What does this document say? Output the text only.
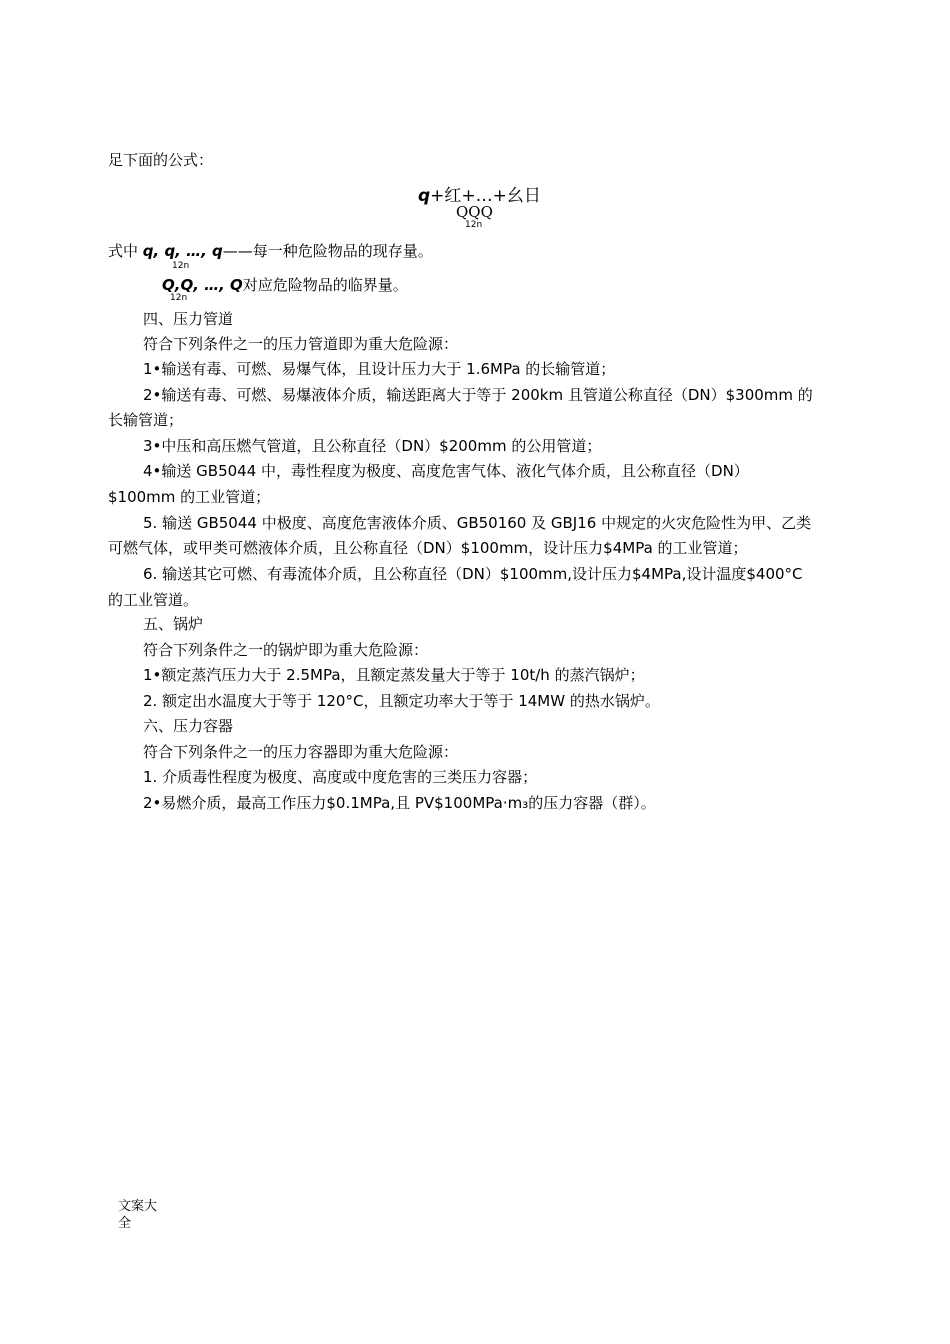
足下面的公式：
q+红+…+幺日
QQQ
12n
式中 q, q, …, q——每一种危险物品的现存量。
12n
Q,Q, …, Q对应危险物品的临界量。
12n
四、压力管道
符合下列条件之一的压力管道即为重大危险源：
1•输送有毒、可燃、易爆气体，且设计压力大于 1.6MPa 的长输管道；
2•输送有毒、可燃、易爆液体介质，输送距离大于等于 200km 且管道公称直径（DN）$300mm 的
长输管道；
3•中压和高压燃气管道，且公称直径（DN）$200mm 的公用管道；
4•输送 GB5044 中，毒性程度为极度、高度危害气体、液化气体介质，且公称直径（DN）
$100mm 的工业管道；
5. 输送 GB5044 中极度、高度危害液体介质、GB50160 及 GBJ16 中规定的火灾危险性为甲、乙类
可燃气体，或甲类可燃液体介质，且公称直径（DN）$100mm，设计压力$4MPa 的工业管道；
6. 输送其它可燃、有毒流体介质，且公称直径（DN）$100mm,设计压力$4MPa,设计温度$400°C
的工业管道。
五、锅炉
符合下列条件之一的锅炉即为重大危险源：
1•额定蒸汽压力大于 2.5MPa，且额定蒸发量大于等于 10t/h 的蒸汽锅炉；
2. 额定出水温度大于等于 120°C，且额定功率大于等于 14MW 的热水锅炉。
六、压力容器
符合下列条件之一的压力容器即为重大危险源：
1. 介质毒性程度为极度、高度或中度危害的三类压力容器；
2•易燃介质，最高工作压力$0.1MPa,且 PV$100MPa·m₃的压力容器（群）。
文案大
全
